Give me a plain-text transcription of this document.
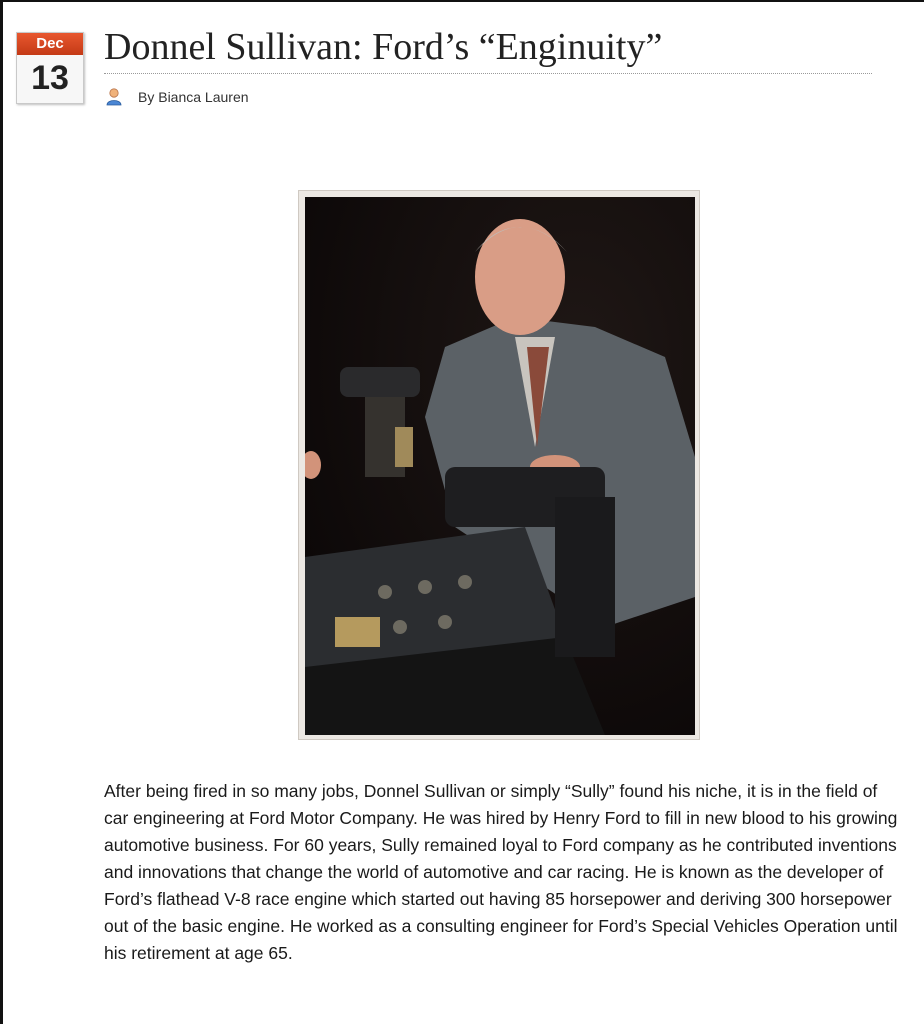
Dec
13
Donnel Sullivan: Ford’s “Enginuity”
By Bianca Lauren

After being fired in so many jobs, Donnel Sullivan or simply “Sully” found his niche, it is in the field of car engineering at Ford Motor Company. He was hired by Henry Ford to fill in new blood to his growing automotive business. For 60 years, Sully remained loyal to Ford company as he contributed inventions and innovations that change the world of automotive and car racing. He is known as the developer of Ford’s flathead V-8 race engine which started out having 85 horsepower and deriving 300 horsepower out of the basic engine. He worked as a consulting engineer for Ford’s Special Vehicles Operation until his retirement at age 65.
